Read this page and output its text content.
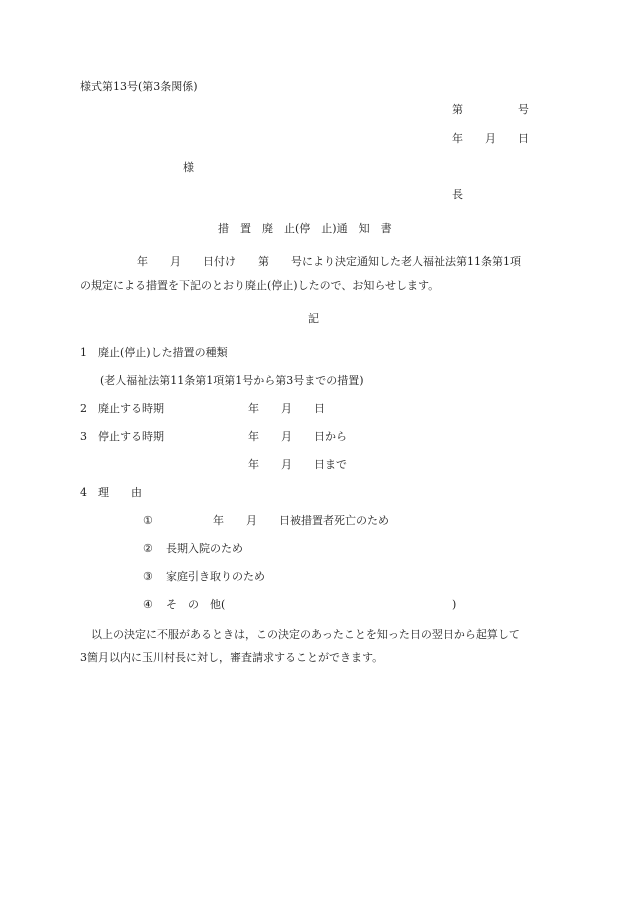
様式第13号(第3条関係)
第　　　　　号
年　　月　　日
様
長
措　置　廃　止(停　止)通　知　書
年　　月　　日付け　　第　　号により決定通知した老人福祉法第11条第1項
の規定による措置を下記のとおり廃止(停止)したので、お知らせします。
記
1　廃止(停止)した措置の種類
(老人福祉法第11条第1項第1号から第3号までの措置)
2　廃止する時期	年　　月　　日
3　停止する時期	年　　月　　日から
年　　月　　日まで
4　理　　由
①	年　　月　　日被措置者死亡のため
② 長期入院のため
③ 家庭引き取りのため
④ そ　の　他(	)
以上の決定に不服があるときは，この決定のあったことを知った日の翌日から起算して
3箇月以内に玉川村長に対し，審査請求することができます。
